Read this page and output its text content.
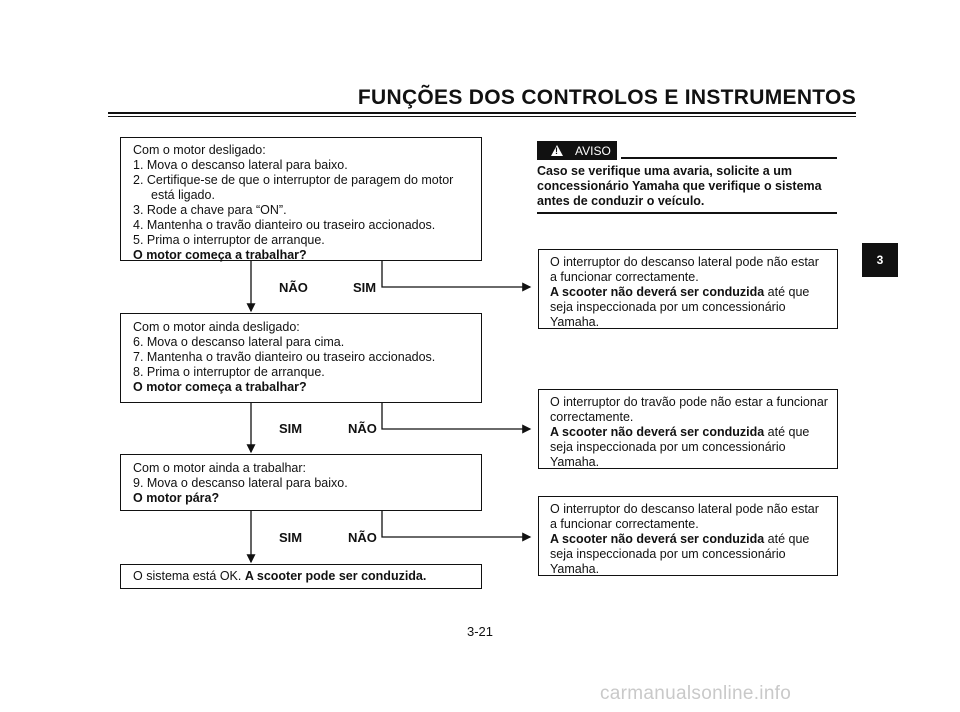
FUNÇÕES DOS CONTROLOS E INSTRUMENTOS
3
Com o motor desligado:
1. Mova o descanso lateral para baixo.
2. Certifique-se de que o interruptor de paragem do motor
está ligado.
3. Rode a chave para “ON”.
4. Mantenha o travão dianteiro ou traseiro accionados.
5. Prima o interruptor de arranque.
O motor começa a trabalhar?
NÃO	SIM
Com o motor ainda desligado:
6. Mova o descanso lateral para cima.
7. Mantenha o travão dianteiro ou traseiro accionados.
8. Prima o interruptor de arranque.
O motor começa a trabalhar?
SIM	NÃO
Com o motor ainda a trabalhar:
9. Mova o descanso lateral para baixo.
O motor pára?
SIM	NÃO
O sistema está OK. A scooter pode ser conduzida.
!
AVISO
Caso se verifique uma avaria, solicite a um concessionário Yamaha que verifique o sistema antes de conduzir o veículo.
O interruptor do descanso lateral pode não estar
a funcionar correctamente.
A scooter não deverá ser conduzida até que
seja inspeccionada por um concessionário
Yamaha.
O interruptor do travão pode não estar a funcionar
correctamente.
A scooter não deverá ser conduzida até que
seja inspeccionada por um concessionário
Yamaha.
O interruptor do descanso lateral pode não estar
a funcionar correctamente.
A scooter não deverá ser conduzida até que
seja inspeccionada por um concessionário
Yamaha.
3-21
carmanualsonline.info
